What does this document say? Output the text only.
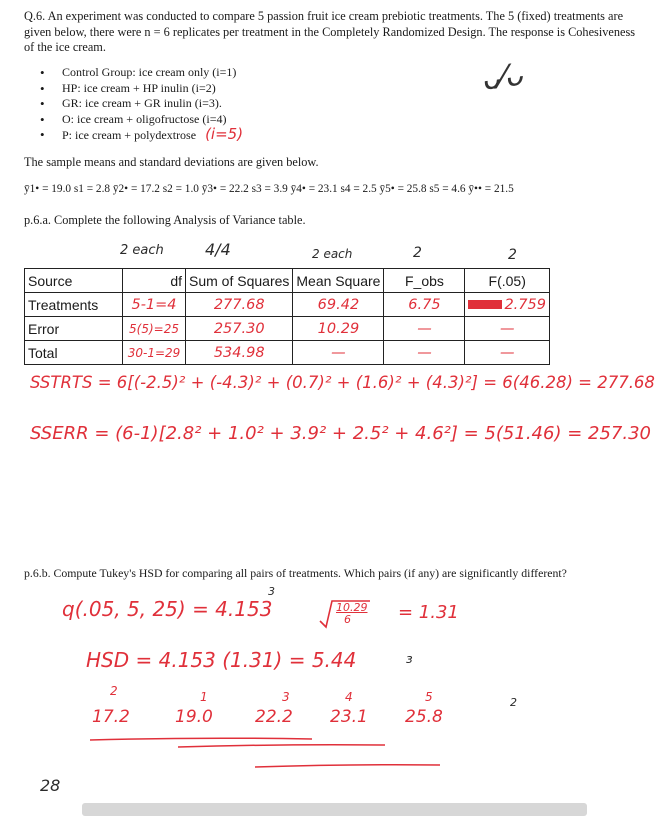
Q.6. An experiment was conducted to compare 5 passion fruit ice cream prebiotic treatments. The 5 (fixed) treatments are given below, there were n = 6 replicates per treatment in the Completely Randomized Design. The response is Cohesiveness of the ice cream.
• Control Group: ice cream only (i=1)
• HP: ice cream + HP inulin (i=2)
• GR: ice cream + GR inulin (i=3).
• O: ice cream + oligofructose (i=4)
• P: ice cream + polydextrose (i=5)
ᴗ⁄ᴗ
The sample means and standard deviations are given below.
ȳ1• = 19.0 s1 = 2.8 ȳ2• = 17.2 s2 = 1.0 ȳ3• = 22.2 s3 = 3.9 ȳ4• = 23.1 s4 = 2.5 ȳ5• = 25.8 s5 = 4.6 ȳ•• = 21.5
p.6.a. Complete the following Analysis of Variance table.
2 each	4/4	2 each	2	2
Source	df	Sum of Squares	Mean Square	F_obs	F(.05)
Treatments	5-1=4	277.68	69.42	6.75	2.759
Error	5(5)=25	257.30	10.29	—	—
Total	30-1=29	534.98	—	—	—
SSTRTS = 6[(-2.5)² + (-4.3)² + (0.7)² + (1.6)² + (4.3)²] = 6(46.28) = 277.68
SSERR = (6-1)[2.8² + 1.0² + 3.9² + 2.5² + 4.6²] = 5(51.46) = 257.30
p.6.b. Compute Tukey's HSD for comparing all pairs of treatments. Which pairs (if any) are significantly different?
q(.05, 5, 25) = 4.153
3
10.29
6	= 1.31
HSD = 4.153 (1.31) = 5.44	ɜ
2	1	3	4	5	2
17.2	19.0 22.2 23.1 25.8
28
